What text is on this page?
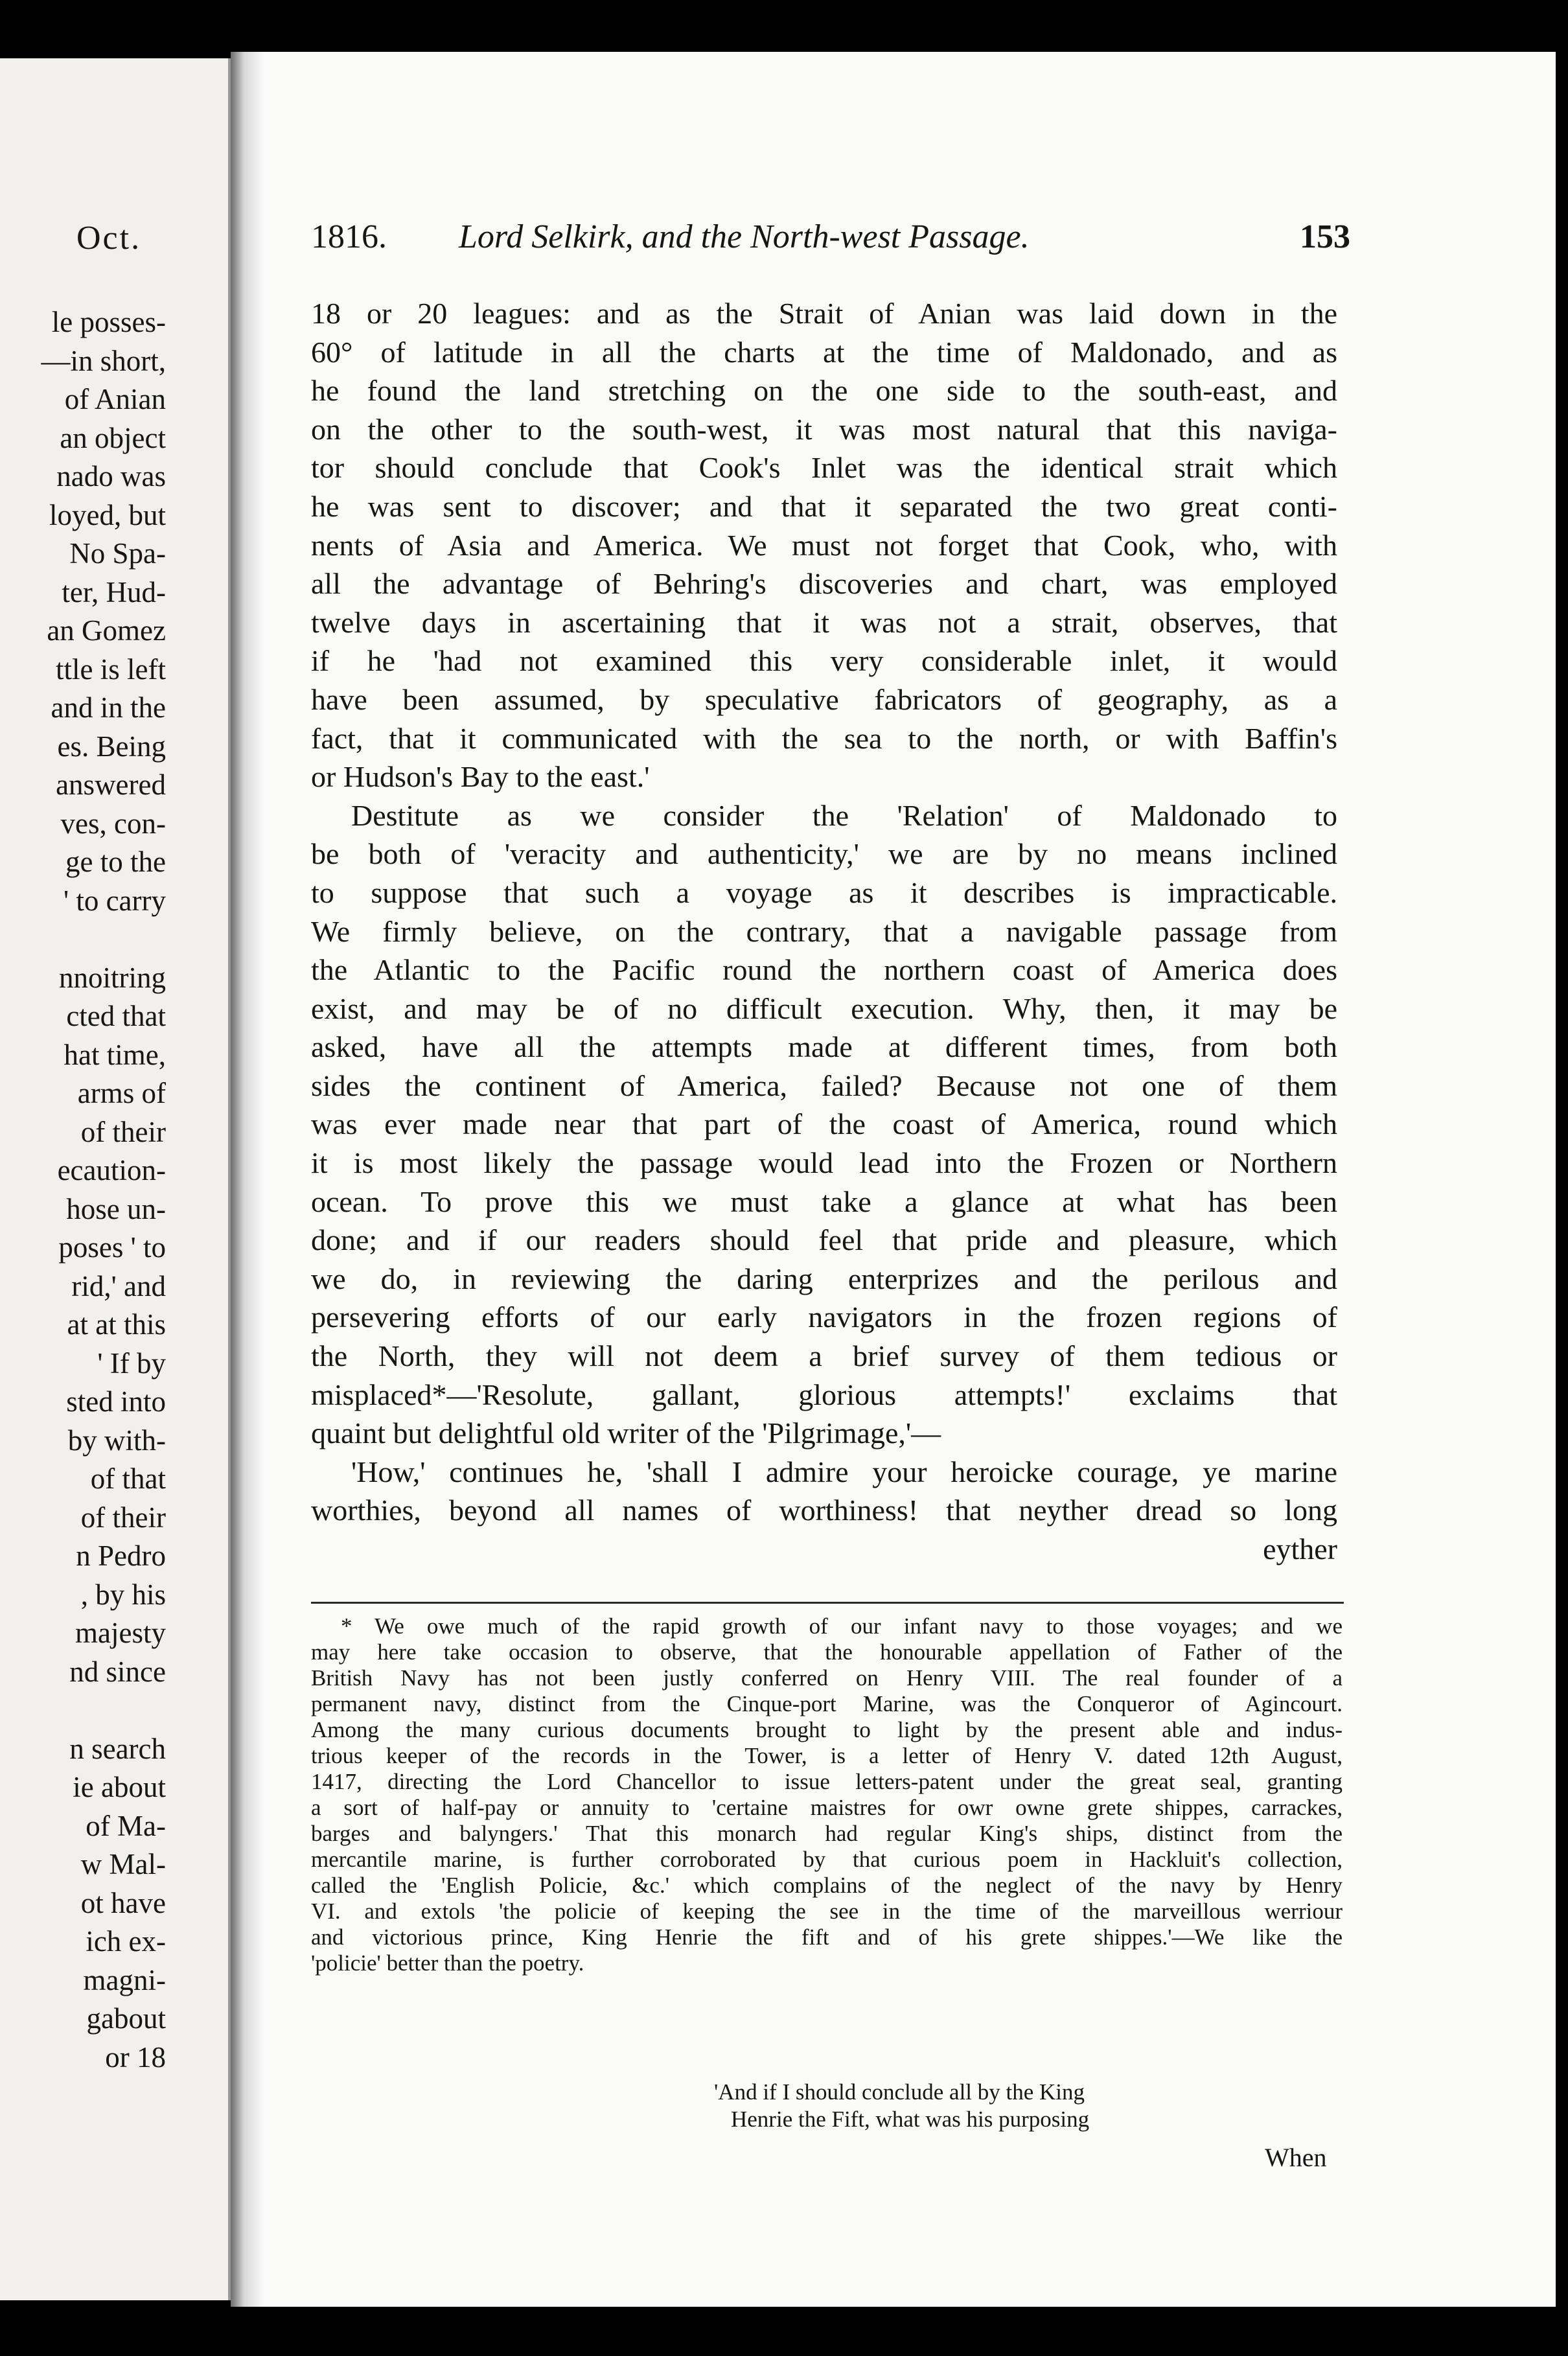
Oct.
le posses-
—in short,
of Anian
an object
nado was
loyed, but
No Spa-
ter, Hud-
an Gomez
ttle is left
and in the
es. Being
answered
ves, con-
ge to the
' to carry
nnoitring
cted that
hat time,
arms of
of their
ecaution-
hose un-
poses ' to
rid,' and
at at this
' If by
sted into
by with-
of that
of their
n Pedro
, by his
majesty
nd since
n search
ie about
of Ma-
w Mal-
ot have
ich ex-
magni-
gabout
or 18
1816. Lord Selkirk, and the North-west Passage.	153
18 or 20 leagues: and as the Strait of Anian was laid down in the
60° of latitude in all the charts at the time of Maldonado, and as
he found the land stretching on the one side to the south-east, and
on the other to the south-west, it was most natural that this naviga-
tor should conclude that Cook's Inlet was the identical strait which
he was sent to discover; and that it separated the two great conti-
nents of Asia and America. We must not forget that Cook, who, with
all the advantage of Behring's discoveries and chart, was employed
twelve days in ascertaining that it was not a strait, observes, that
if he 'had not examined this very considerable inlet, it would
have been assumed, by speculative fabricators of geography, as a
fact, that it communicated with the sea to the north, or with Baffin's
or Hudson's Bay to the east.'
Destitute as we consider the 'Relation' of Maldonado to
be both of 'veracity and authenticity,' we are by no means inclined
to suppose that such a voyage as it describes is impracticable.
We firmly believe, on the contrary, that a navigable passage from
the Atlantic to the Pacific round the northern coast of America does
exist, and may be of no difficult execution. Why, then, it may be
asked, have all the attempts made at different times, from both
sides the continent of America, failed? Because not one of them
was ever made near that part of the coast of America, round which
it is most likely the passage would lead into the Frozen or Northern
ocean. To prove this we must take a glance at what has been
done; and if our readers should feel that pride and pleasure, which
we do, in reviewing the daring enterprizes and the perilous and
persevering efforts of our early navigators in the frozen regions of
the North, they will not deem a brief survey of them tedious or
misplaced*—'Resolute, gallant, glorious attempts!' exclaims that
quaint but delightful old writer of the 'Pilgrimage,'—
'How,' continues he, 'shall I admire your heroicke courage, ye marine
worthies, beyond all names of worthiness! that neyther dread so long
eyther
* We owe much of the rapid growth of our infant navy to those voyages; and we
may here take occasion to observe, that the honourable appellation of Father of the
British Navy has not been justly conferred on Henry VIII. The real founder of a
permanent navy, distinct from the Cinque-port Marine, was the Conqueror of Agincourt.
Among the many curious documents brought to light by the present able and indus-
trious keeper of the records in the Tower, is a letter of Henry V. dated 12th August,
1417, directing the Lord Chancellor to issue letters-patent under the great seal, granting
a sort of half-pay or annuity to 'certaine maistres for owr owne grete shippes, carrackes,
barges and balyngers.' That this monarch had regular King's ships, distinct from the
mercantile marine, is further corroborated by that curious poem in Hackluit's collection,
called the 'English Policie, &c.' which complains of the neglect of the navy by Henry
VI. and extols 'the policie of keeping the see in the time of the marveillous werriour
and victorious prince, King Henrie the fift and of his grete shippes.'—We like the
'policie' better than the poetry.
'And if I should conclude all by the King
Henrie the Fift, what was his purposing
When
